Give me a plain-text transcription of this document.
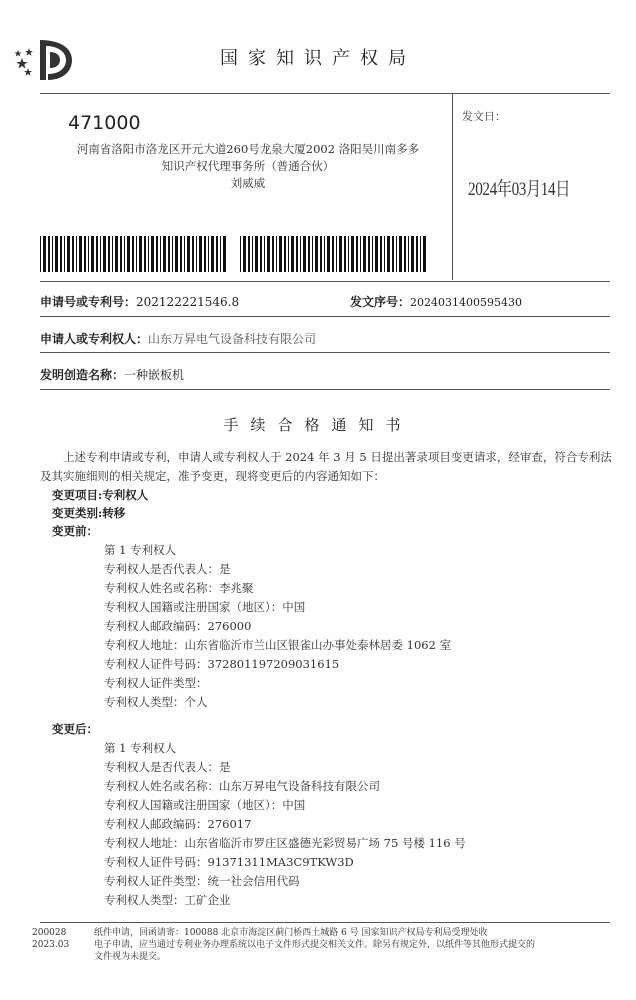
国家知识产权局
471000
河南省洛阳市洛龙区开元大道260号龙泉大厦2002 洛阳吴川南多多
知识产权代理事务所（普通合伙）
刘威威
发文日：
2024年03月14日
申请号或专利号：202122221546.8	发文序号：2024031400595430
申请人或专利权人：山东万昇电气设备科技有限公司
发明创造名称：一种嵌板机
手续合格通知书
上述专利申请或专利，申请人或专利权人于 2024 年 3 月 5 日提出著录项目变更请求，经审查，符合专利法及其实施细则的相关规定，准予变更，现将变更后的内容通知如下：
变更项目:专利权人
变更类别:转移
变更前：
第 1 专利权人
专利权人是否代表人：是
专利权人姓名或名称：李兆聚
专利权人国籍或注册国家（地区）：中国
专利权人邮政编码：276000
专利权人地址：山东省临沂市兰山区银雀山办事处泰林居委 1062 室
专利权人证件号码：372801197209031615
专利权人证件类型：
专利权人类型：个人
变更后：
第 1 专利权人
专利权人是否代表人：是
专利权人姓名或名称：山东万昇电气设备科技有限公司
专利权人国籍或注册国家（地区）：中国
专利权人邮政编码：276017
专利权人地址：山东省临沂市罗庄区盛德光彩贸易广场 75 号楼 116 号
专利权人证件号码：91371311MA3C9TKW3D
专利权人证件类型：统一社会信用代码
专利权人类型：工矿企业
200028
2023.03
纸件申请，回函请寄：100088 北京市海淀区蓟门桥西土城路 6 号 国家知识产权局专利局受理处收
电子申请，应当通过专利业务办理系统以电子文件形式提交相关文件。除另有规定外，以纸件等其他形式提交的
文件视为未提交。
